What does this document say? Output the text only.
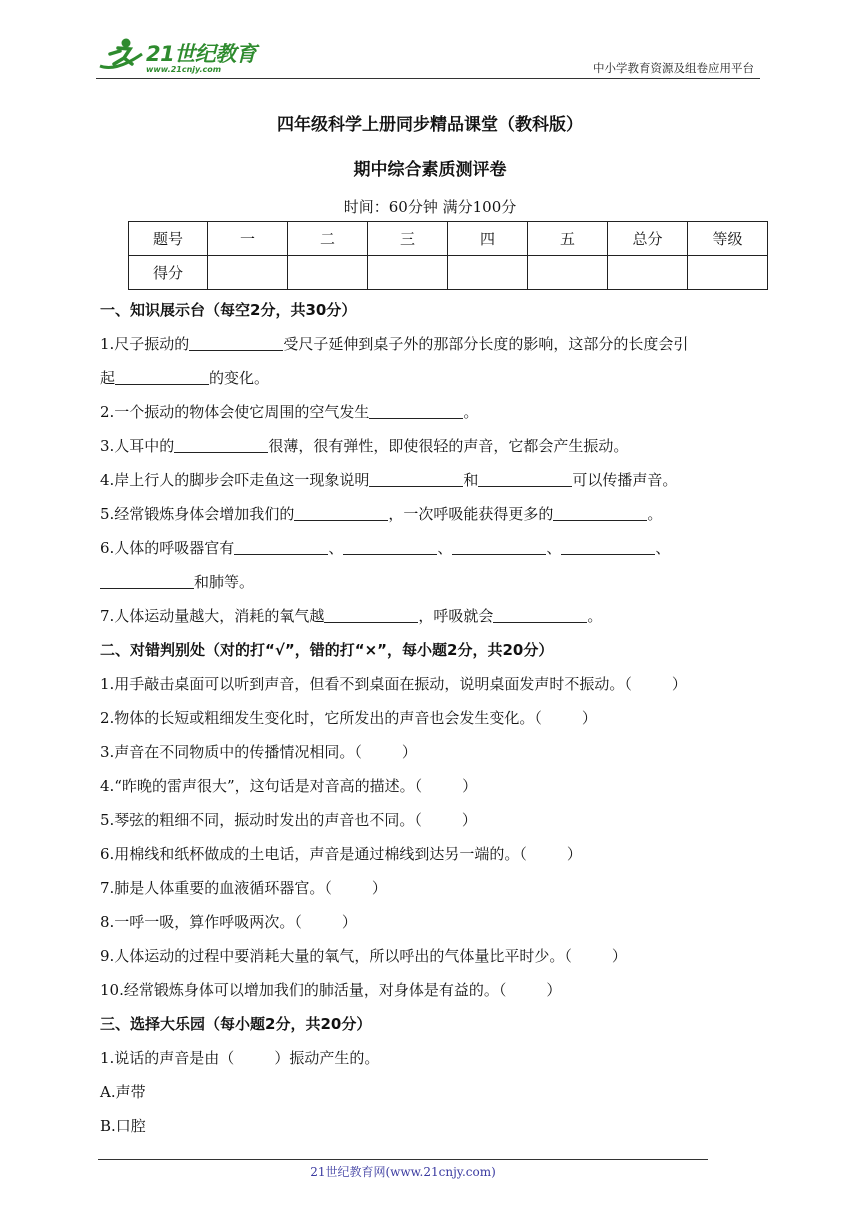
21世纪教育
www.21cnjy.com	中小学教育资源及组卷应用平台
四年级科学上册同步精品课堂（教科版）
期中综合素质测评卷
时间：60分钟 满分100分
题号	一	二	三	四	五	总分	等级
得分							
一、知识展示台（每空2分，共30分）
1.尺子振动的	受尺子延伸到桌子外的那部分长度的影响，这部分的长度会引
起	的变化。
2.一个振动的物体会使它周围的空气发生	。
3.人耳中的	很薄，很有弹性，即使很轻的声音，它都会产生振动。
4.岸上行人的脚步会吓走鱼这一现象说明	和	可以传播声音。
5.经常锻炼身体会增加我们的	，一次呼吸能获得更多的	。
6.人体的呼吸器官有	、	、	、	、
和肺等。
7.人体运动量越大，消耗的氧气越	，呼吸就会	。
二、对错判别处（对的打“√”，错的打“×”，每小题2分，共20分）
1.用手敲击桌面可以听到声音，但看不到桌面在振动，说明桌面发声时不振动。（	）
2.物体的长短或粗细发生变化时，它所发出的声音也会发生变化。（	）
3.声音在不同物质中的传播情况相同。（	）
4.“昨晚的雷声很大”，这句话是对音高的描述。（	）
5.琴弦的粗细不同，振动时发出的声音也不同。（	）
6.用棉线和纸杯做成的土电话，声音是通过棉线到达另一端的。（	）
7.肺是人体重要的血液循环器官。（	）
8.一呼一吸，算作呼吸两次。（	）
9.人体运动的过程中要消耗大量的氧气，所以呼出的气体量比平时少。（	）
10.经常锻炼身体可以增加我们的肺活量，对身体是有益的。（	）
三、选择大乐园（每小题2分，共20分）
1.说话的声音是由（	）振动产生的。
A.声带
B.口腔
21世纪教育网(www.21cnjy.com)
